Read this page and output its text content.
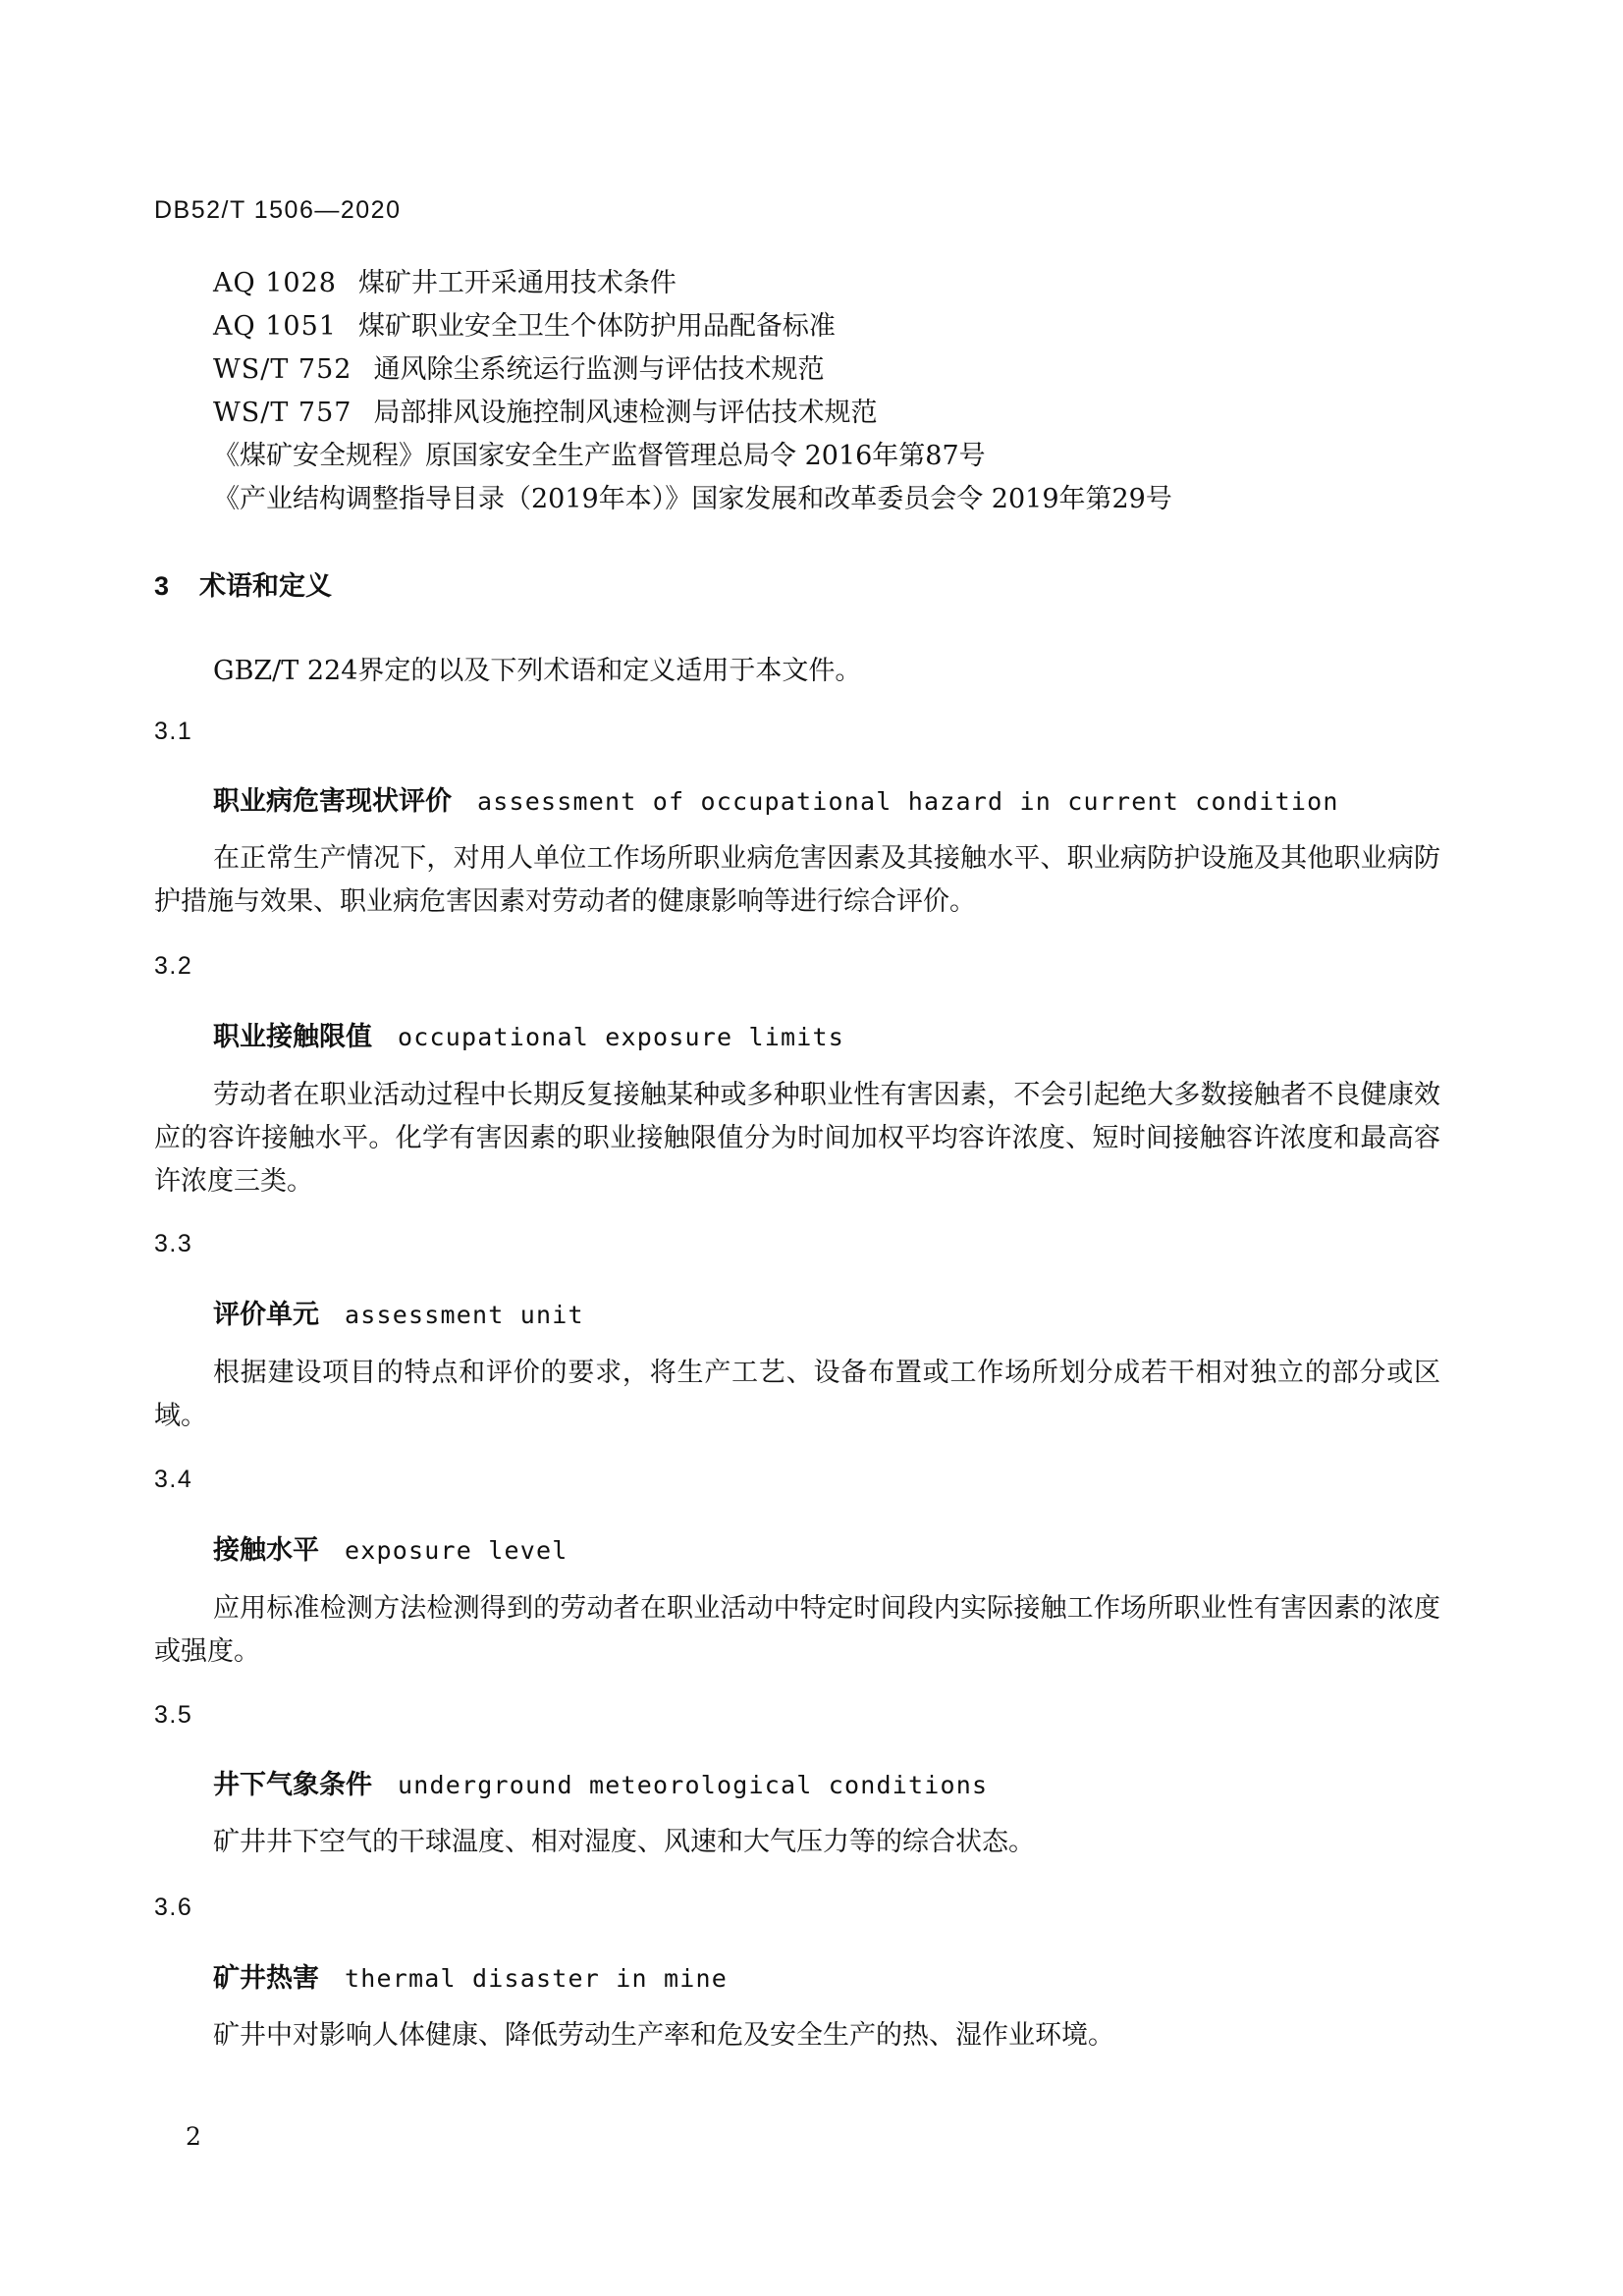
DB52/T 1506—2020
AQ 1028 煤矿井工开采通用技术条件
AQ 1051 煤矿职业安全卫生个体防护用品配备标准
WS/T 752 通风除尘系统运行监测与评估技术规范
WS/T 757 局部排风设施控制风速检测与评估技术规范
《煤矿安全规程》原国家安全生产监督管理总局令 2016年第87号
《产业结构调整指导目录（2019年本）》国家发展和改革委员会令 2019年第29号
3 术语和定义
GBZ/T 224界定的以及下列术语和定义适用于本文件。
3.1
职业病危害现状评价 assessment of occupational hazard in current condition

在正常生产情况下，对用人单位工作场所职业病危害因素及其接触水平、职业病防护设施及其他职业病防护措施与效果、职业病危害因素对劳动者的健康影响等进行综合评价。

3.2
职业接触限值 occupational exposure limits

劳动者在职业活动过程中长期反复接触某种或多种职业性有害因素，不会引起绝大多数接触者不良健康效应的容许接触水平。化学有害因素的职业接触限值分为时间加权平均容许浓度、短时间接触容许浓度和最高容许浓度三类。

3.3
评价单元 assessment unit

根据建设项目的特点和评价的要求，将生产工艺、设备布置或工作场所划分成若干相对独立的部分或区域。

3.4
接触水平 exposure level

应用标准检测方法检测得到的劳动者在职业活动中特定时间段内实际接触工作场所职业性有害因素的浓度或强度。

3.5
井下气象条件 underground meteorological conditions

矿井井下空气的干球温度、相对湿度、风速和大气压力等的综合状态。

3.6
矿井热害 thermal disaster in mine

矿井中对影响人体健康、降低劳动生产率和危及安全生产的热、湿作业环境。

2
